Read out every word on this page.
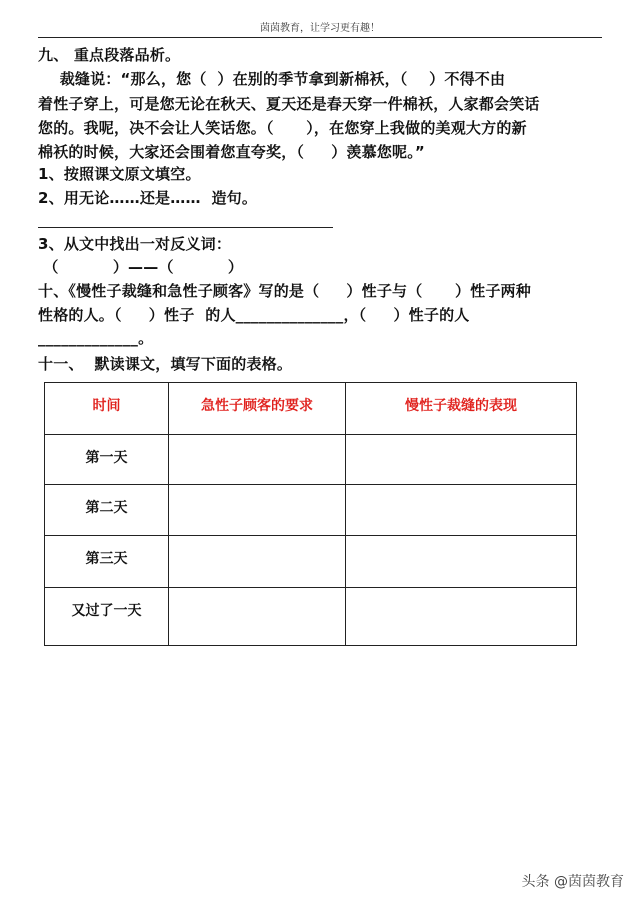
茵茵教育，让学习更有趣！
九、 重点段落品析。
裁缝说：“那么，您（  ）在别的季节拿到新棉袄，（    ）不得不由
着性子穿上，可是您无论在秋天、夏天还是春天穿一件棉袄，人家都会笑话
您的。我呢，决不会让人笑话您。（      ），在您穿上我做的美观大方的新
棉袄的时候，大家还会围着您直夸奖，（     ）羡慕您呢。”
1、按照课文原文填空。
2、用无论……还是……  造句。
3、从文中找出一对反义词：
（          ）——（          ）
十、《慢性子裁缝和急性子顾客》写的是（     ）性子与（      ）性子两种
性格的人。（     ）性子  的人______________，（     ）性子的人
_____________。
十一、  默读课文，填写下面的表格。
时间	急性子顾客的要求	慢性子裁缝的表现
第一天		
第二天		
第三天		
又过了一天		
头条 @茵茵教育
